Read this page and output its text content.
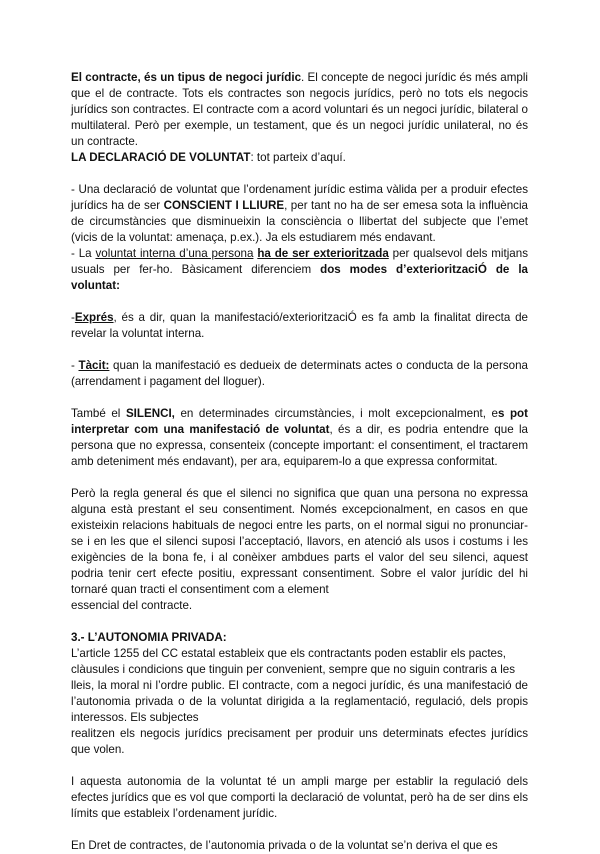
El contracte, és un tipus de negoci jurídic. El concepte de negoci jurídic és més ampli que el de contracte. Tots els contractes son negocis jurídics, però no tots els negocis jurídics son contractes. El contracte com a acord voluntari és un negoci jurídic, bilateral o multilateral. Però per exemple, un testament, que és un negoci jurídic unilateral, no és un contracte.

LA DECLARACIÓ DE VOLUNTAT: tot parteix d’aquí.

- Una declaració de voluntat que l’ordenament jurídic estima vàlida per a produir efectes jurídics ha de ser CONSCIENT I LLIURE, per tant no ha de ser emesa sota la influència de circumstàncies que disminueixin la consciència o llibertat del subjecte que l’emet (vicis de la voluntat: amenaça, p.ex.). Ja els estudiarem més endavant.

- La voluntat interna d’una persona ha de ser exterioritzada per qualsevol dels mitjans usuals per fer-ho. Bàsicament diferenciem dos modes d’exterioritzaciÓ de la voluntat:

-Exprés, és a dir, quan la manifestació/exterioritzaciÓ es fa amb la finalitat directa de revelar la voluntat interna.

- Tàcit: quan la manifestació es dedueix de determinats actes o conducta de la persona (arrendament i pagament del lloguer).

També el SILENCI, en determinades circumstàncies, i molt excepcionalment, es pot interpretar com una manifestació de voluntat, és a dir, es podria entendre que la persona que no expressa, consenteix (concepte important: el consentiment, el tractarem amb deteniment més endavant), per ara, equiparem-lo a que expressa conformitat.

Però la regla general és que el silenci no significa que quan una persona no expressa alguna està prestant el seu consentiment. Només excepcionalment, en casos en que existeixin relacions habituals de negoci entre les parts, on el normal sigui no pronunciar-se i en les que el silenci suposi l’acceptació, llavors, en atenció als usos i costums i les exigències de la bona fe, i al conèixer ambdues parts el valor del seu silenci, aquest podria tenir cert efecte positiu, expressant consentiment. Sobre el valor jurídic del hi tornaré quan tracti el consentiment com a element

essencial del contracte.

3.- L’AUTONOMIA PRIVADA:

L’article 1255 del CC estatal estableix que els contractants poden establir els pactes,

clàusules i condicions que tinguin per convenient, sempre que no siguin contraris a les

lleis, la moral ni l’ordre public. El contracte, com a negoci jurídic, és una manifestació de l’autonomia privada o de la voluntat dirigida a la reglamentació, regulació, dels propis interessos. Els subjectes

realitzen els negocis jurídics precisament per produir uns determinats efectes jurídics que volen.

I aquesta autonomia de la voluntat té un ampli marge per establir la regulació dels efectes jurídics que es vol que comporti la declaració de voluntat, però ha de ser dins els límits que estableix l’ordenament jurídic.

En Dret de contractes, de l’autonomia privada o de la voluntat se’n deriva el que es
